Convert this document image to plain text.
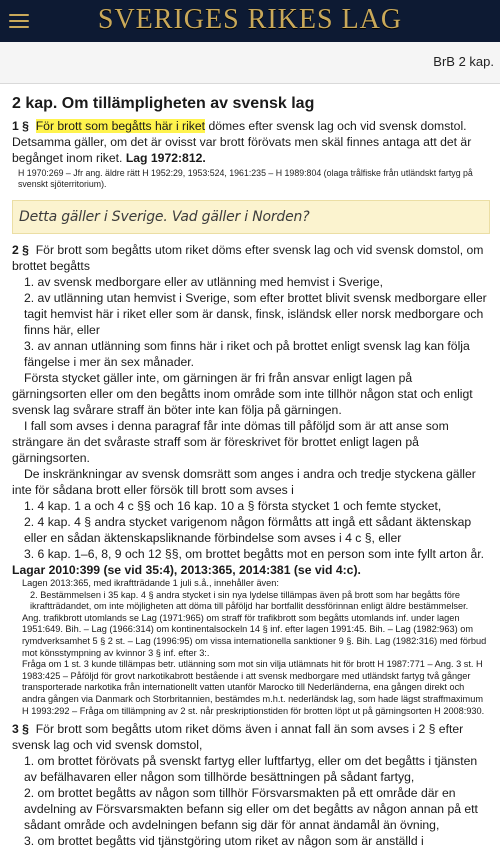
SVERIGES RIKES LAG
BrB 2 kap.
2 kap. Om tillämpligheten av svensk lag

1 § För brott som begåtts här i riket dömes efter svensk lag och vid svensk domstol. Detsamma gäller, om det är ovisst var brott förövats men skäl finnes antaga att det är begånget inom riket. Lag 1972:812.

H 1970:269 – Jfr ang. äldre rätt H 1952:29, 1953:524, 1961:235 – H 1989:804 (olaga trålfiske från utländskt fartyg på svenskt sjöterritorium).
Detta gäller i Sverige. Vad gäller i Norden?

2 § För brott som begåtts utom riket döms efter svensk lag och vid svensk domstol, om brottet begåtts

1. av svensk medborgare eller av utlänning med hemvist i Sverige,

2. av utlänning utan hemvist i Sverige, som efter brottet blivit svensk medborgare eller tagit hemvist här i riket eller som är dansk, finsk, isländsk eller norsk medborgare och finns här, eller

3. av annan utlänning som finns här i riket och på brottet enligt svensk lag kan följa fängelse i mer än sex månader.

Första stycket gäller inte, om gärningen är fri från ansvar enligt lagen på gärningsorten eller om den begåtts inom område som inte tillhör någon stat och enligt svensk lag svårare straff än böter inte kan följa på gärningen.

I fall som avses i denna paragraf får inte dömas till påföljd som är att anse som strängare än det svåraste straff som är föreskrivet för brottet enligt lagen på gärningsorten.

De inskränkningar av svensk domsrätt som anges i andra och tredje styckena gäller inte för sådana brott eller försök till brott som avses i

1. 4 kap. 1 a och 4 c §§ och 16 kap. 10 a § första stycket 1 och femte stycket,

2. 4 kap. 4 § andra stycket varigenom någon förmåtts att ingå ett sådant äktenskap eller en sådan äktenskapsliknande förbindelse som avses i 4 c §, eller

3. 6 kap. 1–6, 8, 9 och 12 §§, om brottet begåtts mot en person som inte fyllt arton år.

Lagar 2010:399 (se vid 35:4), 2013:365, 2014:381 (se vid 4:c).

Lagen 2013:365, med ikraftträdande 1 juli s.å., innehåller även:
2. Bestämmelsen i 35 kap. 4 § andra stycket i sin nya lydelse tillämpas även på brott som har begåtts före ikraftträdandet, om inte möjligheten att döma till påföljd har bortfallit dessförinnan enligt äldre bestämmelser.
Ang. trafikbrott utomlands se Lag (1971:965) om straff för trafikbrott som begåtts utomlands inf. under lagen 1951:649. Bih. – Lag (1966:314) om kontinentalsockeln 14 § inf. efter lagen 1991:45. Bih. – Lag (1982:963) om rymdverksamhet 5 § 2 st. – Lag (1996:95) om vissa internationella sanktioner 9 §. Bih. Lag (1982:316) med förbud mot könsstympning av kvinnor 3 § inf. efter 3:.
Fråga om 1 st. 3 kunde tillämpas betr. utlänning som mot sin vilja utlämnats hit för brott H 1987:771 – Ang. 3 st. H 1983:425 – Påföljd för grovt narkotikabrott bestående i att svensk medborgare med utländskt fartyg två gånger transporterade narkotika från internationellt vatten utanför Marocko till Nederländerna, ena gången direkt och andra gången via Danmark och Storbritannien, bestämdes m.h.t. nederländsk lag, som hade lägst straffmaximum H 1993:292 – Fråga om tillämpning av 2 st. når preskriptionstiden för brotten löpt ut på gärningsorten H 2008:930.

3 § För brott som begåtts utom riket döms även i annat fall än som avses i 2 § efter svensk lag och vid svensk domstol,

1. om brottet förövats på svenskt fartyg eller luftfartyg, eller om det begåtts i tjänsten av befälhavaren eller någon som tillhörde besättningen på sådant fartyg,

2. om brottet begåtts av någon som tillhör Försvarsmakten på ett område där en avdelning av Försvarsmakten befann sig eller om det begåtts av någon annan på ett sådant område och avdelningen befann sig där för annat ändamål än övning,

3. om brottet begåtts vid tjänstgöring utom riket av någon som är anställd i
